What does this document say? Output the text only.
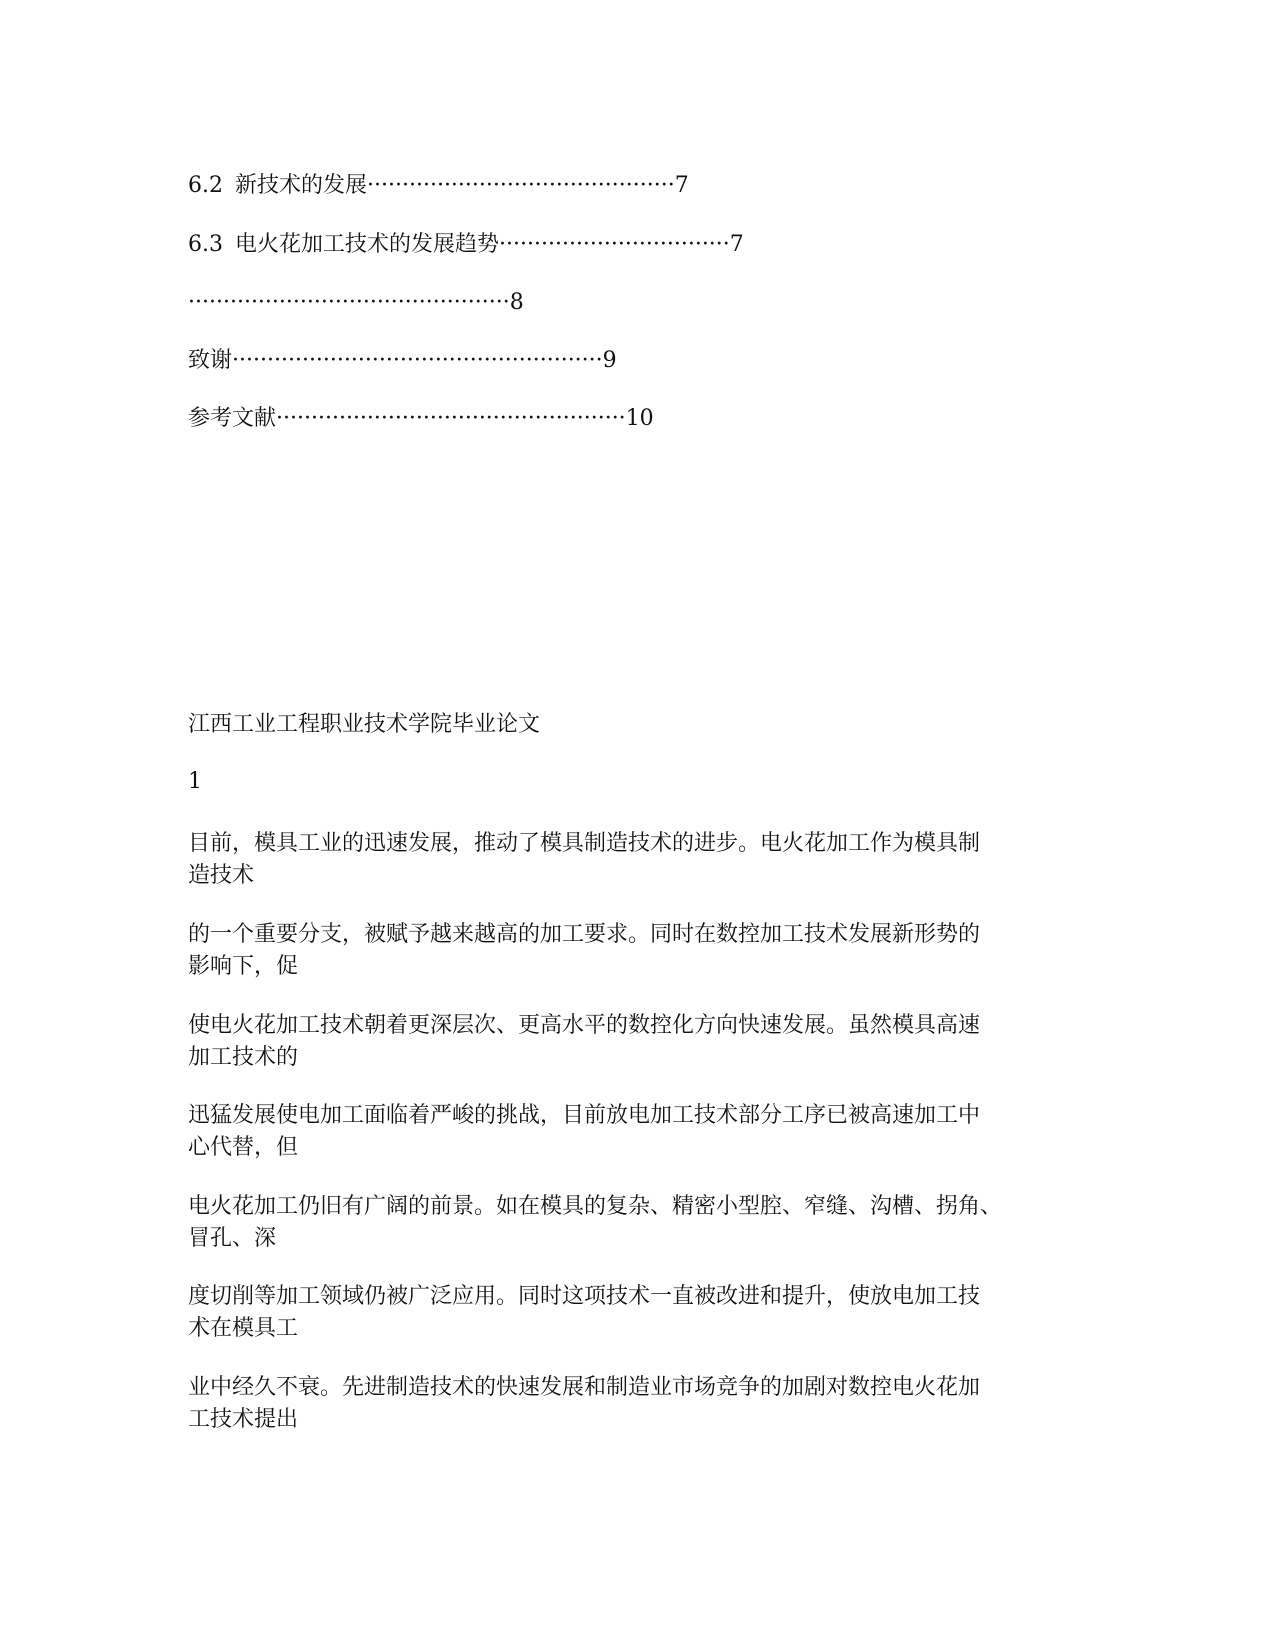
6.2 新技术的发展············································7
6.3 电火花加工技术的发展趋势·································7
··············································8
致谢·····················································9
参考文献··················································10
江西工业工程职业技术学院毕业论文
1

目前，模具工业的迅速发展，推动了模具制造技术的进步。电火花加工作为模具制
造技术

的一个重要分支，被赋予越来越高的加工要求。同时在数控加工技术发展新形势的
影响下，促

使电火花加工技术朝着更深层次、更高水平的数控化方向快速发展。虽然模具高速
加工技术的

迅猛发展使电加工面临着严峻的挑战，目前放电加工技术部分工序已被高速加工中
心代替，但

电火花加工仍旧有广阔的前景。如在模具的复杂、精密小型腔、窄缝、沟槽、拐角、
冒孔、深

度切削等加工领域仍被广泛应用。同时这项技术一直被改进和提升，使放电加工技
术在模具工

业中经久不衰。先进制造技术的快速发展和制造业市场竞争的加剧对数控电火花加
工技术提出
